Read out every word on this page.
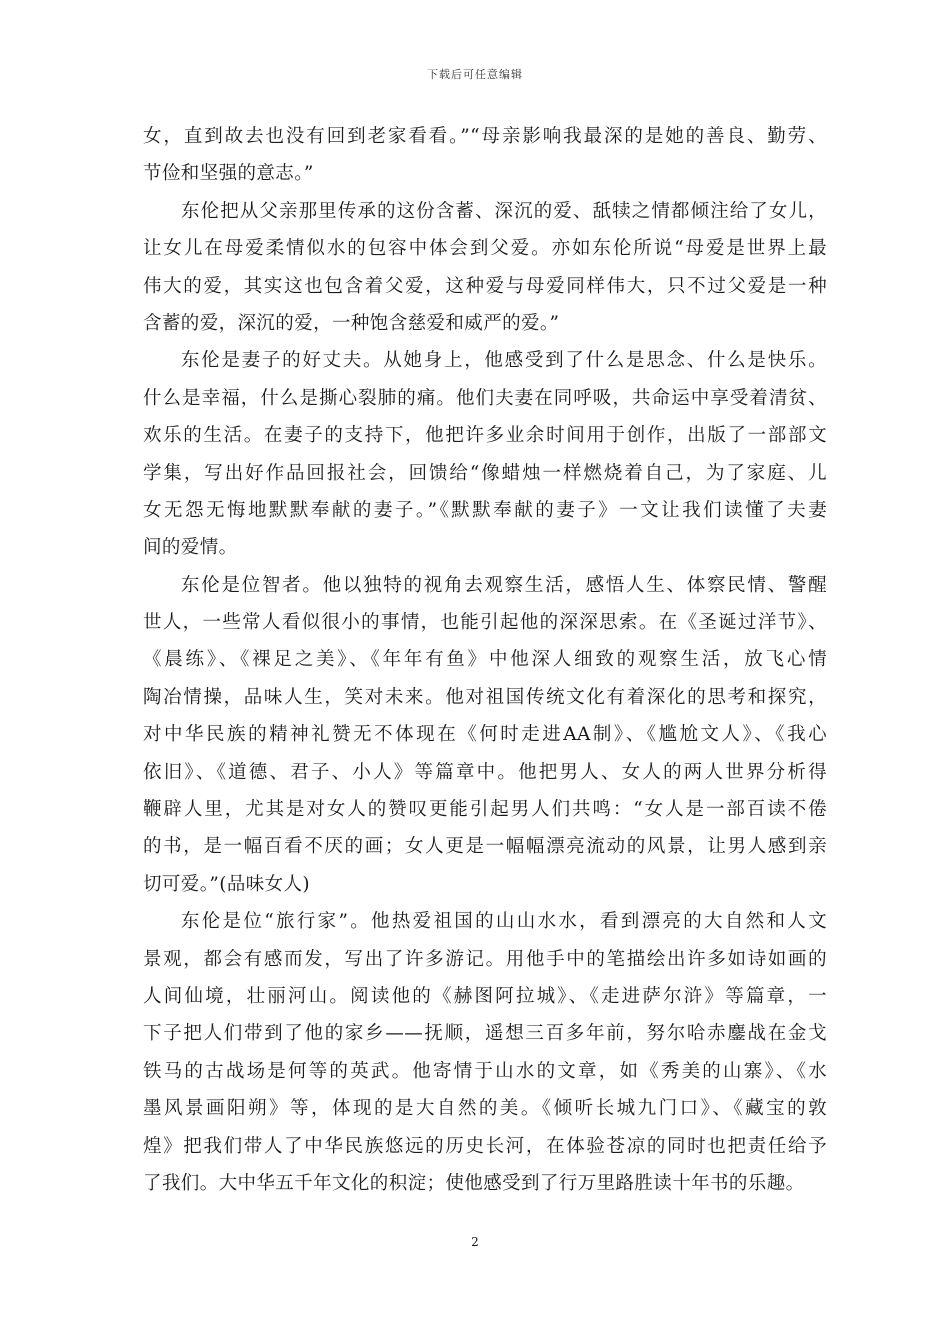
下载后可任意编辑
女，直到故去也没有回到老家看看。”“母亲影响我最深的是她的善良、勤劳、
节俭和坚强的意志。”
东伦把从父亲那里传承的这份含蓄、深沉的爱、舐犊之情都倾注给了女儿，
让女儿在母爱柔情似水的包容中体会到父爱。亦如东伦所说“母爱是世界上最
伟大的爱，其实这也包含着父爱，这种爱与母爱同样伟大，只不过父爱是一种
含蓄的爱，深沉的爱，一种饱含慈爱和威严的爱。”
东伦是妻子的好丈夫。从她身上，他感受到了什么是思念、什么是快乐。
什么是幸福，什么是撕心裂肺的痛。他们夫妻在同呼吸，共命运中享受着清贫、
欢乐的生活。在妻子的支持下，他把许多业余时间用于创作，出版了一部部文
学集，写出好作品回报社会，回馈给“像蜡烛一样燃烧着自己，为了家庭、儿
女无怨无悔地默默奉献的妻子。”《默默奉献的妻子》一文让我们读懂了夫妻
间的爱情。
东伦是位智者。他以独特的视角去观察生活，感悟人生、体察民情、警醒
世人，一些常人看似很小的事情，也能引起他的深深思索。在《圣诞过洋节》、
《晨练》、《裸足之美》、《年年有鱼》中他深人细致的观察生活，放飞心情
陶冶情操，品味人生，笑对未来。他对祖国传统文化有着深化的思考和探究，
对中华民族的精神礼赞无不体现在《何时走进AA制》、《尴尬文人》、《我心
依旧》、《道德、君子、小人》等篇章中。他把男人、女人的两人世界分析得
鞭辟人里，尤其是对女人的赞叹更能引起男人们共鸣：“女人是一部百读不倦
的书，是一幅百看不厌的画；女人更是一幅幅漂亮流动的风景，让男人感到亲
切可爱。”(品味女人)
东伦是位“旅行家”。他热爱祖国的山山水水，看到漂亮的大自然和人文
景观，都会有感而发，写出了许多游记。用他手中的笔描绘出许多如诗如画的
人间仙境，壮丽河山。阅读他的《赫图阿拉城》、《走进萨尔浒》等篇章，一
下子把人们带到了他的家乡——抚顺，遥想三百多年前，努尔哈赤鏖战在金戈
铁马的古战场是何等的英武。他寄情于山水的文章，如《秀美的山寨》、《水
墨风景画阳朔》等，体现的是大自然的美。《倾听长城九门口》、《藏宝的敦
煌》把我们带人了中华民族悠远的历史长河，在体验苍凉的同时也把责任给予
了我们。大中华五千年文化的积淀；使他感受到了行万里路胜读十年书的乐趣。
2
